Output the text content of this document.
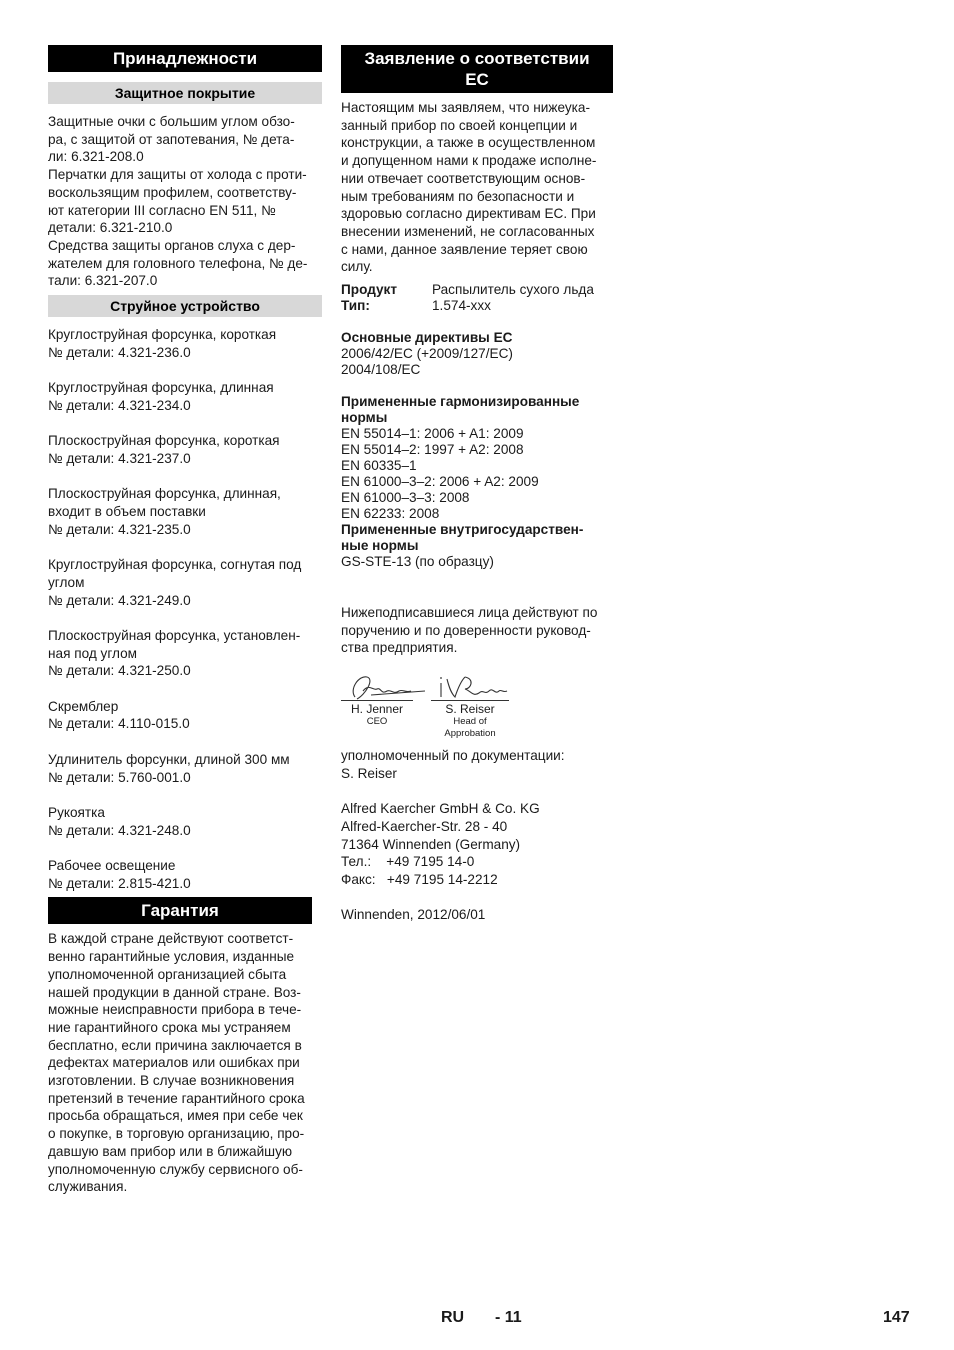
Принадлежности
Защитное покрытие

Защитные очки с большим углом обзо-

ра, с защитой от запотевания, № дета-

ли: 6.321-208.0

Перчатки для защиты от холода с проти-

воскользящим профилем, соответству-

ют категории III согласно EN 511, №

детали: 6.321-210.0

Средства защиты органов слуха с дер-

жателем для головного телефона, № де-

тали: 6.321-207.0

Струйное устройство

Круглоструйная форсунка, короткая

№ детали: 4.321-236.0

Круглоструйная форсунка, длинная

№ детали: 4.321-234.0

Плоскоструйная форсунка, короткая

№ детали: 4.321-237.0

Плоскоструйная форсунка, длинная,

входит в объем поставки

№ детали: 4.321-235.0

Круглоструйная форсунка, согнутая под

углом

№ детали: 4.321-249.0

Плоскоструйная форсунка, установлен-

ная под углом

№ детали: 4.321-250.0

Скремблер

№ детали: 4.110-015.0

Удлинитель форсунки, длиной 300 мм

№ детали: 5.760-001.0

Рукоятка

№ детали: 4.321-248.0

Рабочее освещение

№ детали: 2.815-421.0

Гарантия

В каждой стране действуют соответст-

венно гарантийные условия, изданные

уполномоченной организацией сбыта

нашей продукции в данной стране. Воз-

можные неисправности прибора в тече-

ние гарантийного срока мы устраняем

бесплатно, если причина заключается в

дефектах материалов или ошибках при

изготовлении. В случае возникновения

претензий в течение гарантийного срока

просьба обращаться, имея при себе чек

о покупке, в торговую организацию, про-

давшую вам прибор или в ближайшую

уполномоченную службу сервисного об-

служивания.

Заявление о соответствии
ЕС

Настоящим мы заявляем, что нижеука-

занный прибор по своей концепции и

конструкции, а также в осуществленном

и допущенном нами к продаже исполне-

нии отвечает соответствующим основ-

ным требованиям по безопасности и

здоровью согласно директивам ЕС. При

внесении изменений, не согласованных

с нами, данное заявление теряет свою

силу.

Продукт	Распылитель сухого льда
Тип:	1.574-xxx

Основные директивы ЕС

2006/42/EC (+2009/127/EC)

2004/108/EC

Примененные гармонизированные

нормы

EN 55014–1: 2006 + A1: 2009

EN 55014–2: 1997 + A2: 2008

EN 60335–1

EN 61000–3–2: 2006 + A2: 2009

EN 61000–3–3: 2008

EN 62233: 2008

Примененные внутригосударствен-

ные нормы

GS-STE-13 (по образцу)

Нижеподписавшиеся лица действуют по

поручению и по доверенности руковод-

ства предприятия.

H. Jenner
CEO
S. Reiser
Head of Approbation

уполномоченный по документации:

S. Reiser

Alfred Kaercher GmbH & Co. KG

Alfred-Kaercher-Str. 28 - 40

71364 Winnenden (Germany)

Тел.: +49 7195 14-0

Факс: +49 7195 14-2212

Winnenden, 2012/06/01

RU - 11	147
